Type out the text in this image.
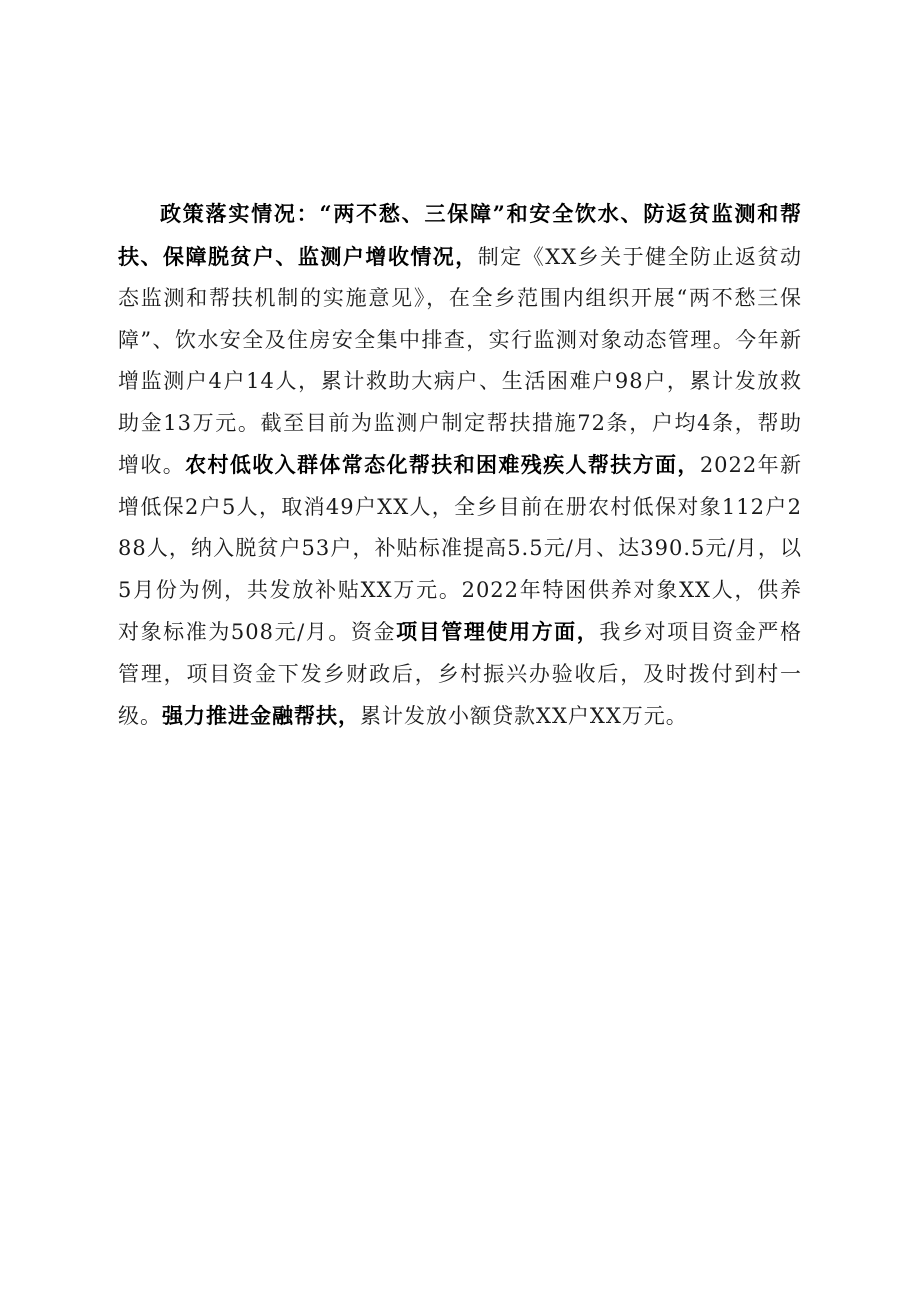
政策落实情况：“两不愁、三保障”和安全饮水、防返贫监测和帮扶、保障脱贫户、监测户增收情况，制定《XX乡关于健全防止返贫动态监测和帮扶机制的实施意见》，在全乡范围内组织开展“两不愁三保障”、饮水安全及住房安全集中排查，实行监测对象动态管理。今年新增监测户4户14人，累计救助大病户、生活困难户98户，累计发放救助金13万元。截至目前为监测户制定帮扶措施72条，户均4条，帮助增收。农村低收入群体常态化帮扶和困难残疾人帮扶方面，2022年新增低保2户5人，取消49户XX人，全乡目前在册农村低保对象112户288人，纳入脱贫户53户，补贴标准提高5.5元/月、达390.5元/月，以5月份为例，共发放补贴XX万元。2022年特困供养对象XX人，供养对象标准为508元/月。资金项目管理使用方面，我乡对项目资金严格管理，项目资金下发乡财政后，乡村振兴办验收后，及时拨付到村一级。强力推进金融帮扶，累计发放小额贷款XX户XX万元。
